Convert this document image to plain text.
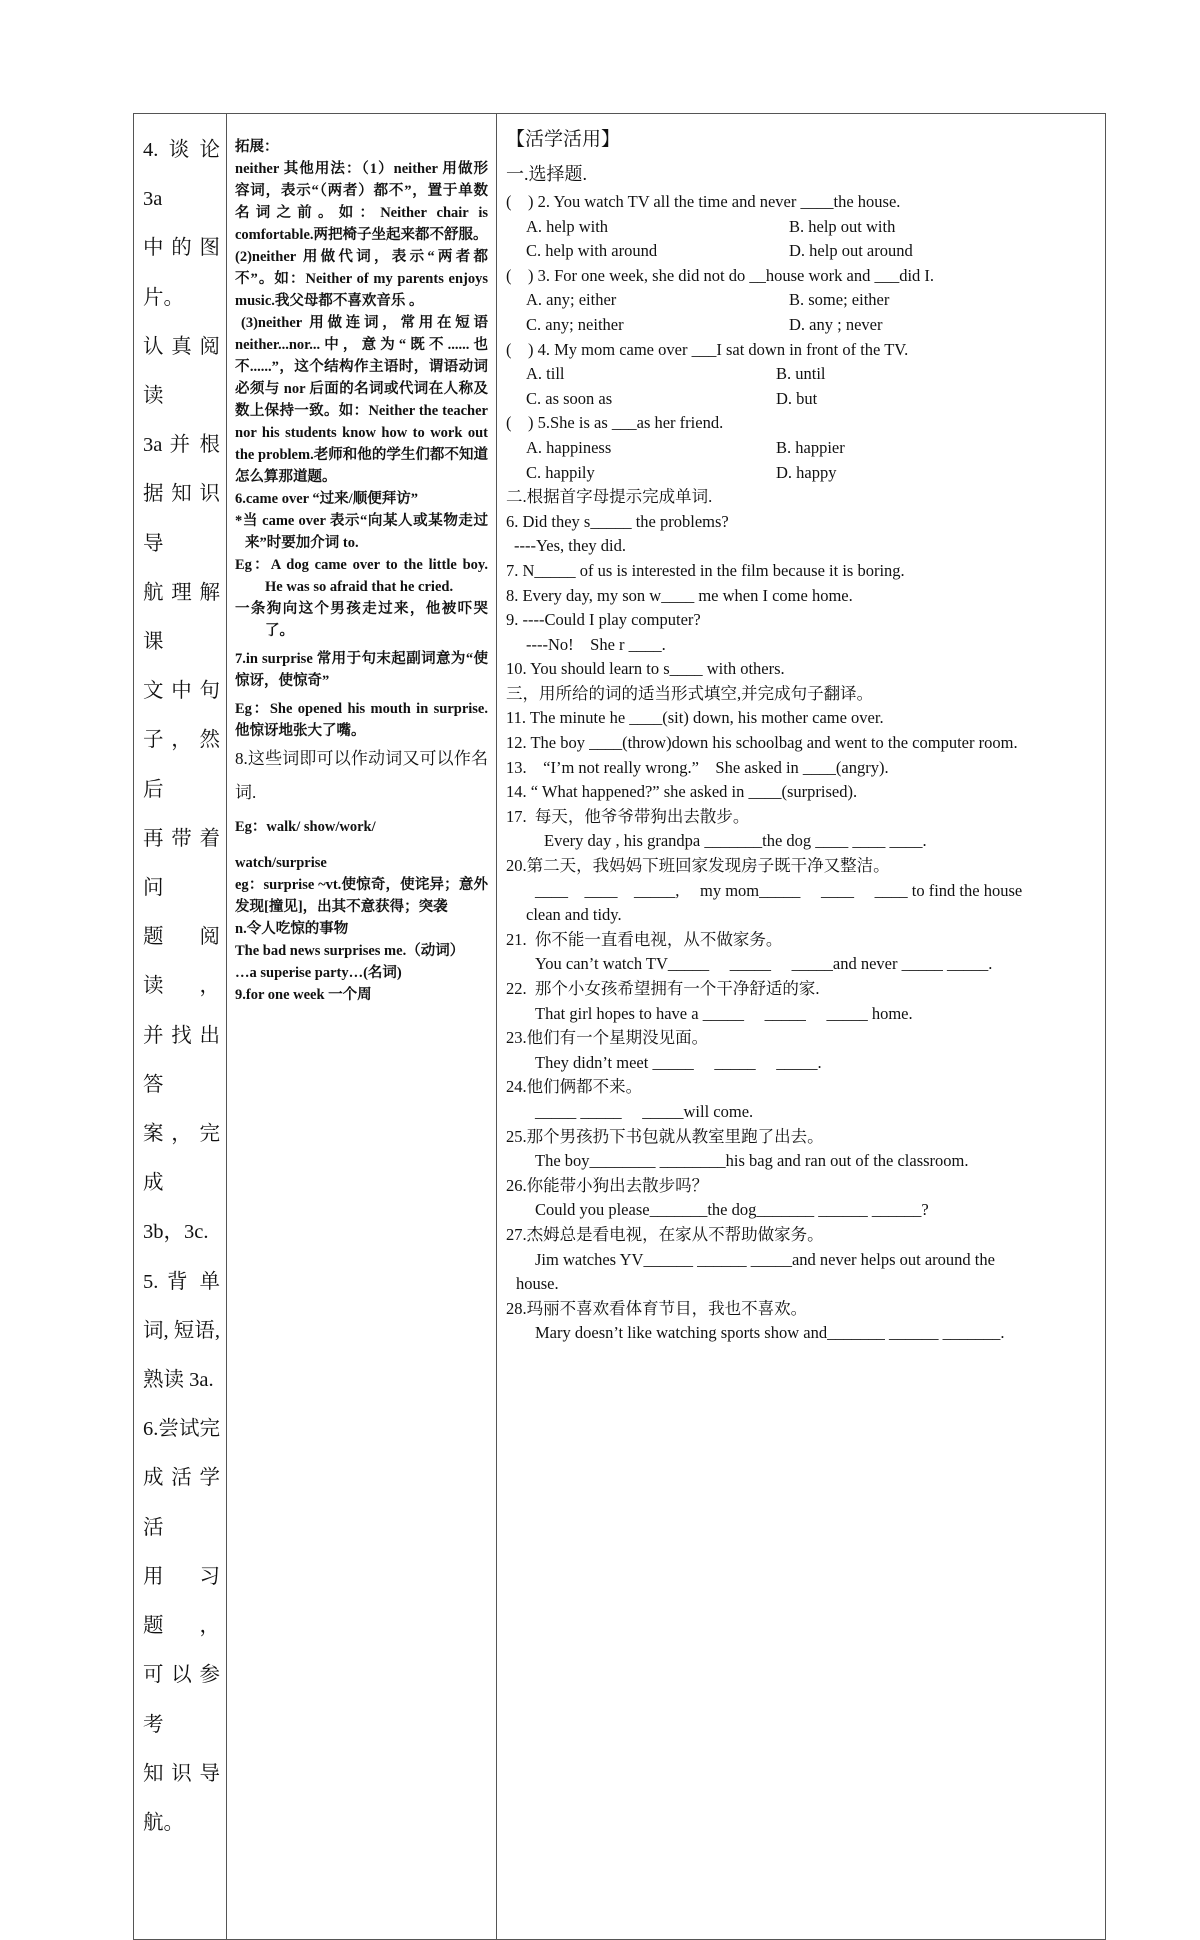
4.谈论 3a

中 的 图

片。

认真阅读

3a 并 根

据知识导

航理解课

文 中 句

子，然后

再带着问

题阅读，

并找出答

案，完成

3b，3c.

5. 背 单

词, 短语,

熟读 3a.

6.尝试完

成活学活

用习题，

可以参考

知 识 导

航。

拓展：

neither 其他用法：（1）neither 用做形容词，表示“（两者）都不”，置于单数名词之前。如：Neither chair is comfortable.两把椅子坐起来都不舒服。

(2)neither 用做代词，表示“两者都不”。如：Neither of my parents enjoys music.我父母都不喜欢音乐 。

(3)neither 用做连词，常用在短语 neither...nor...中，意为“既不......也不......”，这个结构作主语时，谓语动词必须与 nor 后面的名词或代词在人称及数上保持一致。如：Neither the teacher nor his students know how to work out the problem.老师和他的学生们都不知道怎么算那道题。

6.came over “过来/顺便拜访”

*当 came over 表示“向某人或某物走过来”时要加介词 to.

Eg：A dog came over to the little boy. He was so afraid that he cried.

一条狗向这个男孩走过来，他被吓哭了。

7.in surprise 常用于句末起副词意为“使惊讶，使惊奇”

Eg：She opened his mouth in surprise. 他惊讶地张大了嘴。

8.这些词即可以作动词又可以作名词.

Eg：walk/ show/work/

watch/surprise

eg：surprise ~vt.使惊奇，使诧异；意外发现[撞见]，出其不意获得；突袭

n.令人吃惊的事物

The bad news surprises me.（动词）

…a superise party…(名词)

9.for one week 一个周

【活学活用】

一.选择题.

(    ) 2. You watch TV all the time and never ____the house.

A. help with	B. help out with
C. help with around	D. help out around

(    ) 3. For one week, she did not do __house work and ___did I.

A. any; either	B. some; either
C. any; neither	D. any ; never

(    ) 4. My mom came over ___I sat down in front of the TV.

A. till	B. until
C. as soon as	D. but

(    ) 5.She is as ___as her friend.

A. happiness	B. happier
C. happily	D. happy

二.根据首字母提示完成单词.

6. Did they s_____ the problems?

----Yes, they did.

7. N_____ of us is interested in the film because it is boring.

8. Every day, my son w____ me when I come home.

9. ----Could I play computer?

----No!    She r ____.

10. You should learn to s____ with others.

三，用所给的词的适当形式填空,并完成句子翻译。

11. The minute he ____(sit) down, his mother came over.

12. The boy ____(throw)down his schoolbag and went to the computer room.

13.    “I’m not really wrong.”    She asked in ____(angry).

14. “ What happened?” she asked in ____(surprised).

17.  每天，他爷爷带狗出去散步。

Every day , his grandpa _______the dog ____ ____ ____.

20.第二天，我妈妈下班回家发现房子既干净又整洁。

____    ____    _____,     my mom_____     ____     ____ to find the house

clean and tidy.

21.  你不能一直看电视，从不做家务。

You can’t watch TV_____     _____     _____and never _____ _____.

22.  那个小女孩希望拥有一个干净舒适的家.

That girl hopes to have a _____     _____     _____ home.

23.他们有一个星期没见面。

They didn’t meet _____     _____     _____.

24.他们俩都不来。

_____ _____     _____will come.

25.那个男孩扔下书包就从教室里跑了出去。

The boy________ ________his bag and ran out of the classroom.

26.你能带小狗出去散步吗？

Could you please_______the dog_______ ______ ______?

27.杰姆总是看电视，在家从不帮助做家务。

Jim watches YV______ ______ _____and never helps out around the

house.

28.玛丽不喜欢看体育节目，我也不喜欢。

Mary doesn’t like watching sports show and_______ ______ _______.
